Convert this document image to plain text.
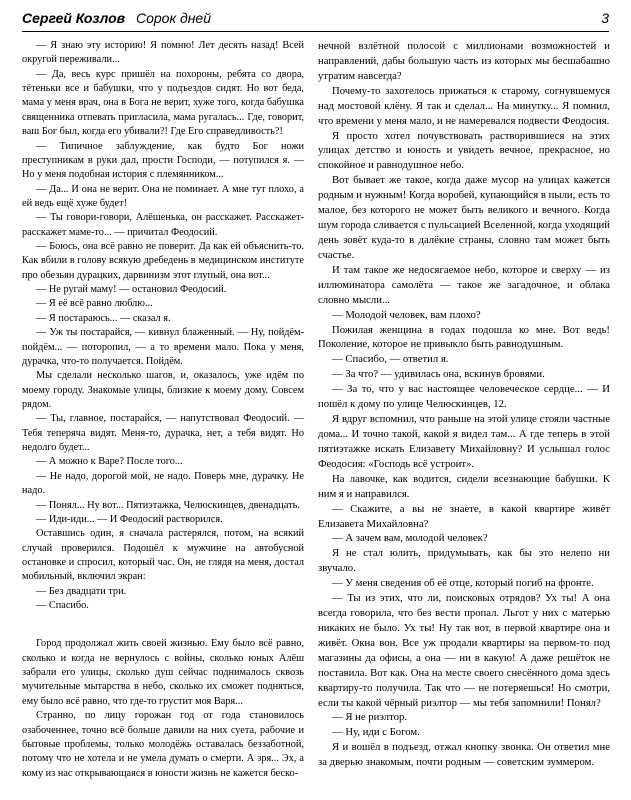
Сергей Козлов Сорок дней	3

— Я знаю эту историю! Я помню! Лет десять назад! Всей округой переживали...

— Да, весь курс пришёл на похороны, ребята со двора, тётеньки все и бабушки, что у подъездов сидят. Но вот беда, мама у меня врач, она в Бога не верит, хуже того, когда бабушка священника отпевать пригласила, мама ругалась... Где, говорит, ваш Бог был, когда его убивали?! Где Его справедливость?!

— Типичное заблуждение, как будто Бог ножи преступникам в руки дал, прости Господи, — потупился я. — Но у меня подобная история с племянником...

— Да... И она не верит. Она не поминает. А мне тут плохо, а ей ведь ещё хуже будет!

— Ты говори-говори, Алёшенька, он расскажет. Расскажет-расскажет маме-то... — причитал Феодосий.

— Боюсь, она всё равно не поверит. Да как ей объяснить-то. Как вбили в голову всякую дребедень в медицинском институте про обезьян дурацких, дарвинизм этот глупый, она вот...

— Не ругай маму! — остановил Феодосий.

— Я её всё равно люблю...

— Я постараюсь... — сказал я.

— Уж ты постарайся, — кивнул блаженный. — Ну, пойдём-пойдём... — поторопил, — а то времени мало. Пока у меня, дурачка, что-то получается. Пойдём.

Мы сделали несколько шагов, и, оказалось, уже идём по моему городу. Знакомые улицы, близкие к моему дому. Совсем рядом.

— Ты, главное, постарайся, — напутствовал Феодосий. — Тебя теперяча видят. Меня-то, дурачка, нет, а тебя видят. Но недолго будет...

— А можно к Варе? После того...

— Не надо, дорогой мой, не надо. Поверь мне, дурачку. Не надо.

— Понял... Ну вот... Пятиэтажка, Челюскинцев, двенадцать.

— Иди-иди... — И Феодосий растворился.

Оставшись один, я сначала растерялся, потом, на всякий случай проверился. Подошёл к мужчине на автобусной остановке и спросил, который час. Он, не глядя на меня, достал мобильный, включил экран:

— Без двадцати три.

— Спасибо.

Город продолжал жить своей жизнью. Ему было всё равно, сколько и когда не вернулось с войны, сколько юных Алёш забрали его улицы, сколько душ сейчас поднималось сквозь мучительные мытарства в небо, сколько их сможет подняться, ему было всё равно, что где-то грустит моя Варя...

Странно, по лицу горожан год от года становилось озабоченнее, точно всё больше давили на них суета, рабочие и бытовые проблемы, только молодёжь оставалась беззаботной, потому что не хотела и не умела думать о смерти. А зря... Эх, а кому из нас открывающаяся в юности жизнь не кажется беско-

нечной взлётной полосой с миллионами возможностей и направлений, дабы большую часть из которых мы бесшабашно утратим навсегда?

Почему-то захотелось прижаться к старому, согнувшемуся над мостовой клёну. Я так и сделал... На минутку... Я помнил, что времени у меня мало, и не намеревался подвести Феодосия.

Я просто хотел почувствовать растворившиеся на этих улицах детство и юность и увидеть вечное, прекрасное, но спокойное и равнодушное небо.

Вот бывает же такое, когда даже мусор на улицах кажется родным и нужным! Когда воробей, купающийся в пыли, есть то малое, без которого не может быть великого и вечного. Когда шум города сливается с пульсацией Вселенной, когда уходящий день зовёт куда-то в далёкие страны, словно там может быть счастье.

И там такое же недосягаемое небо, которое и сверху — из иллюминатора самолёта — такое же загадочное, и облака словно мысли...

— Молодой человек, вам плохо?

Пожилая женщина в годах подошла ко мне. Вот ведь! Поколение, которое не привыкло быть равнодушным.

— Спасибо, — ответил я.

— За что? — удивилась она, вскинув бровями.

— За то, что у вас настоящее человеческое сердце... — И пошёл к дому по улице Челюскинцев, 12.

Я вдруг вспомнил, что раньше на этой улице стояли частные дома... И точно такой, какой я видел там... А где теперь в этой пятиэтажке искать Елизавету Михайловну? И услышал голос Феодосия: «Господь всё устроит».

На лавочке, как водится, сидели всезнающие бабушки. К ним я и направился.

— Скажите, а вы не знаете, в какой квартире живёт Елизавета Михайловна?

— А зачем вам, молодой человек?

Я не стал юлить, придумывать, как бы это нелепо ни звучало.

— У меня сведения об её отце, который погиб на фронте.

— Ты из этих, что ли, поисковых отрядов? Ух ты! А она всегда говорила, что без вести пропал. Льгот у них с матерью никаких не было. Ух ты! Ну так вот, в первой квартире она и живёт. Окна вон. Все уж продали квартиры на первом-то под магазины да офисы, а она — ни в какую! А даже решёток не поставила. Вот как. Она на месте своего снесённого дома здесь квартиру-то получила. Так что — не потеряешься! Но смотри, если ты какой чёрный риэлтор — мы тебя запомнили! Понял?

— Я не риэлтор.

— Ну, иди с Богом.

Я и вошёл в подъезд, отжал кнопку звонка. Он ответил мне за дверью знакомым, почти родным — советским зуммером.
